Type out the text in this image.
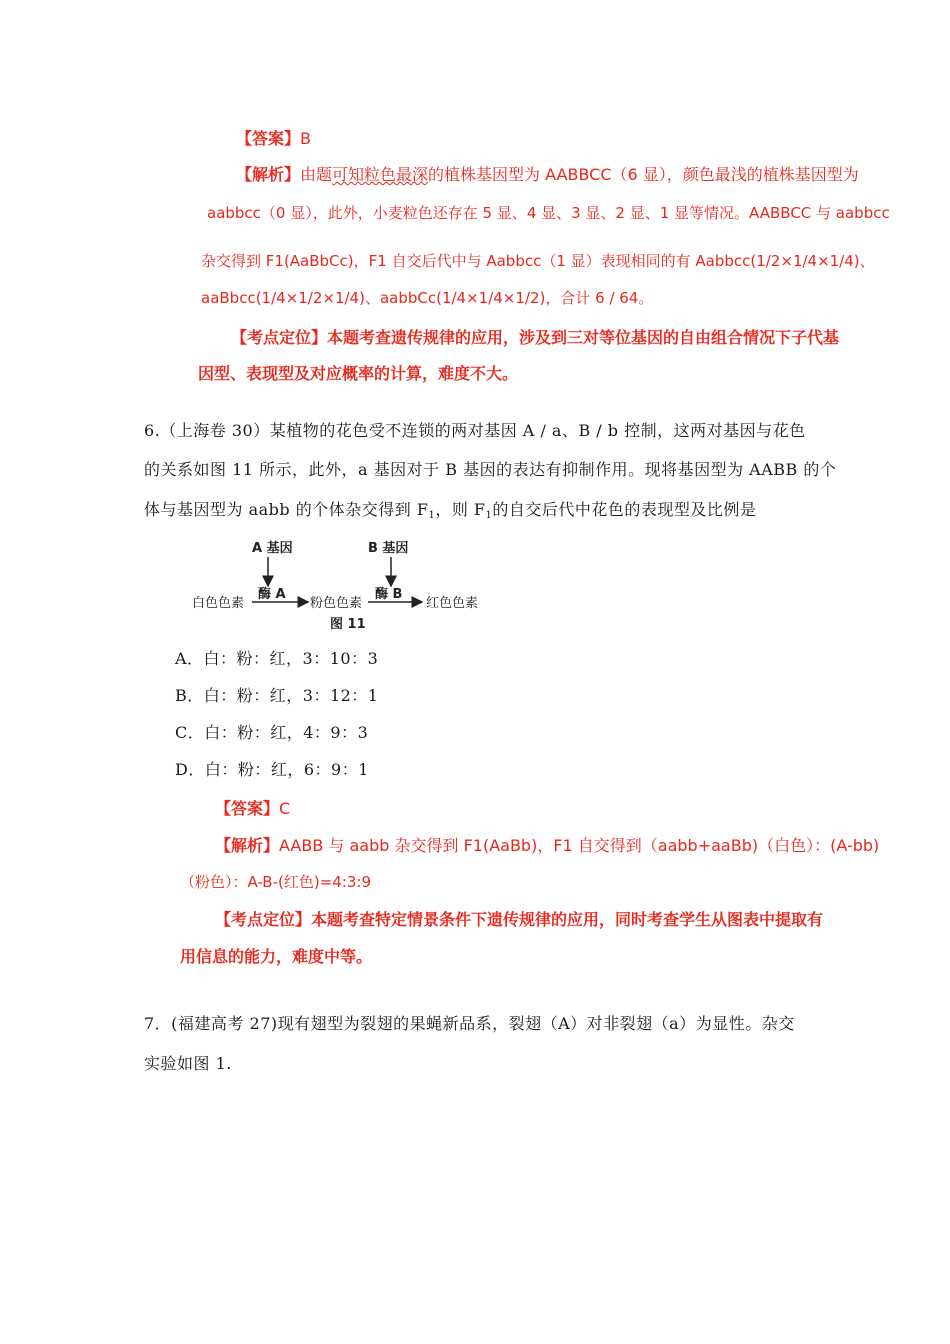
【答案】B
【解析】由题可知粒色最深的植株基因型为 AABBCC（6 显），颜色最浅的植株基因型为
aabbcc（0 显），此外，小麦粒色还存在 5 显、4 显、3 显、2 显、1 显等情况。AABBCC 与 aabbcc
杂交得到 F1(AaBbCc)，F1 自交后代中与 Aabbcc（1 显）表现相同的有 Aabbcc(1/2×1/4×1/4)、
aaBbcc(1/4×1/2×1/4)、aabbCc(1/4×1/4×1/2)，合计 6 / 64。
【考点定位】本题考查遗传规律的应用，涉及到三对等位基因的自由组合情况下子代基
因型、表现型及对应概率的计算，难度不大。
6.（上海卷 30）某植物的花色受不连锁的两对基因 A / a、B / b 控制，这两对基因与花色
的关系如图 11 所示，此外，a 基因对于 B 基因的表达有抑制作用。现将基因型为 AABB 的个
体与基因型为 aabb 的个体杂交得到 $F_1$，则 $F_1$的自交后代中花色的表现型及比例是
A 基因	B 基因
酶 A	酶 B
白色色素	粉色色素	红色色素
图 11
A．白：粉：红，3：10：3
B．白：粉：红，3：12：1
C．白：粉：红，4：9：3
D．白：粉：红，6：9：1
【答案】C
【解析】AABB 与 aabb 杂交得到 F1(AaBb)，F1 自交得到（aabb+aaBb)（白色）：(A-bb)
（粉色）：A-B-(红色)=4:3:9
【考点定位】本题考查特定情景条件下遗传规律的应用，同时考查学生从图表中提取有
用信息的能力，难度中等。
7．(福建高考 27)现有翅型为裂翅的果蝇新品系，裂翅（A）对非裂翅（a）为显性。杂交
实验如图 1.
